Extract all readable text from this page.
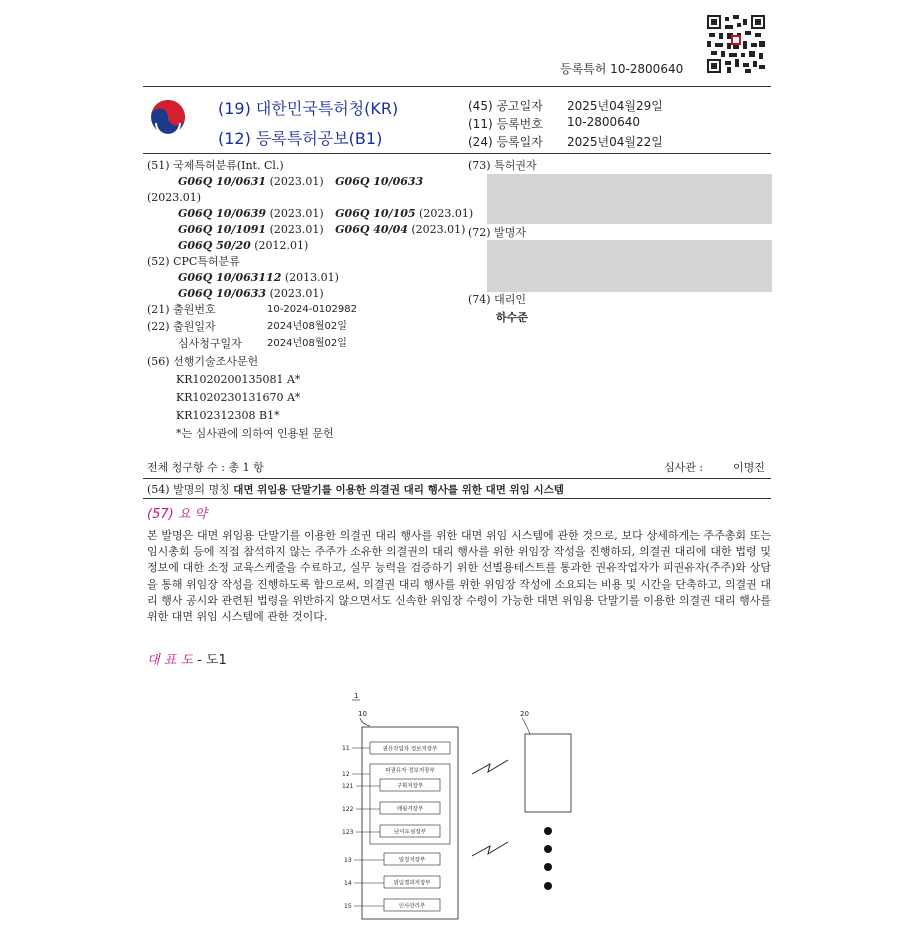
등록특허 10-2800640
(19) 대한민국특허청(KR)
(12) 등록특허공보(B1)
(45) 공고일자 2025년04월29일
(11) 등록번호 10-2800640
(24) 등록일자 2025년04월22일
(51) 국제특허분류(Int. Cl.)
G06Q 10/0631 (2023.01) G06Q 10/0633
(2023.01)
G06Q 10/0639 (2023.01) G06Q 10/105 (2023.01)
G06Q 10/1091 (2023.01) G06Q 40/04 (2023.01)
G06Q 50/20 (2012.01)
(52) CPC특허분류
G06Q 10/063112 (2013.01)
G06Q 10/0633 (2023.01)
(21) 출원번호	10-2024-0102982
(22) 출원일자	2024년08월02일
심사청구일자	2024년08월02일
(56) 선행기술조사문헌
KR1020200135081 A*
KR1020230131670 A*
KR102312308 B1*
*는 심사관에 의하여 인용된 문헌
(73) 특허권자
(72) 발명자
(74) 대리인
하수준
전체 청구항 수 : 총 1 항	심사관 :	이명진
(54) 발명의 명칭 대면 위임용 단말기를 이용한 의결권 대리 행사를 위한 대면 위임 시스템
(57) 요 약
본 발명은 대면 위임용 단말기를 이용한 의결권 대리 행사를 위한 대면 위임 시스템에 관한 것으로, 보다 상세하게는 주주총회 또는 임시총회 등에 직접 참석하지 않는 주주가 소유한 의결권의 대리 행사를 위한 위임장 작성을 진행하되, 의결권 대리에 대한 법령 및 정보에 대한 소정 교육스케줄을 수료하고, 실무 능력을 검증하기 위한 선별용테스트를 통과한 권유작업자가 피권유자(주주)와 상담을 통해 위임장 작성을 진행하도록 함으로써, 의결권 대리 행사를 위한 위임장 작성에 소요되는 비용 및 시간을 단축하고, 의결권 대리 행사 공시와 관련된 법령을 위반하지 않으면서도 신속한 위임장 수령이 가능한 대면 위임용 단말기를 이용한 의결권 대리 행사를 위한 대면 위임 시스템에 관한 것이다.
대 표 도 - 도1
1
10	20
11	권유작업자 정보저장부
12	피권유자 정보저장부
121	구획저장부
122	매핑저장부
123	난이도설정부
13	일정저장부
14	위임결과저장부
15	인사관리부
